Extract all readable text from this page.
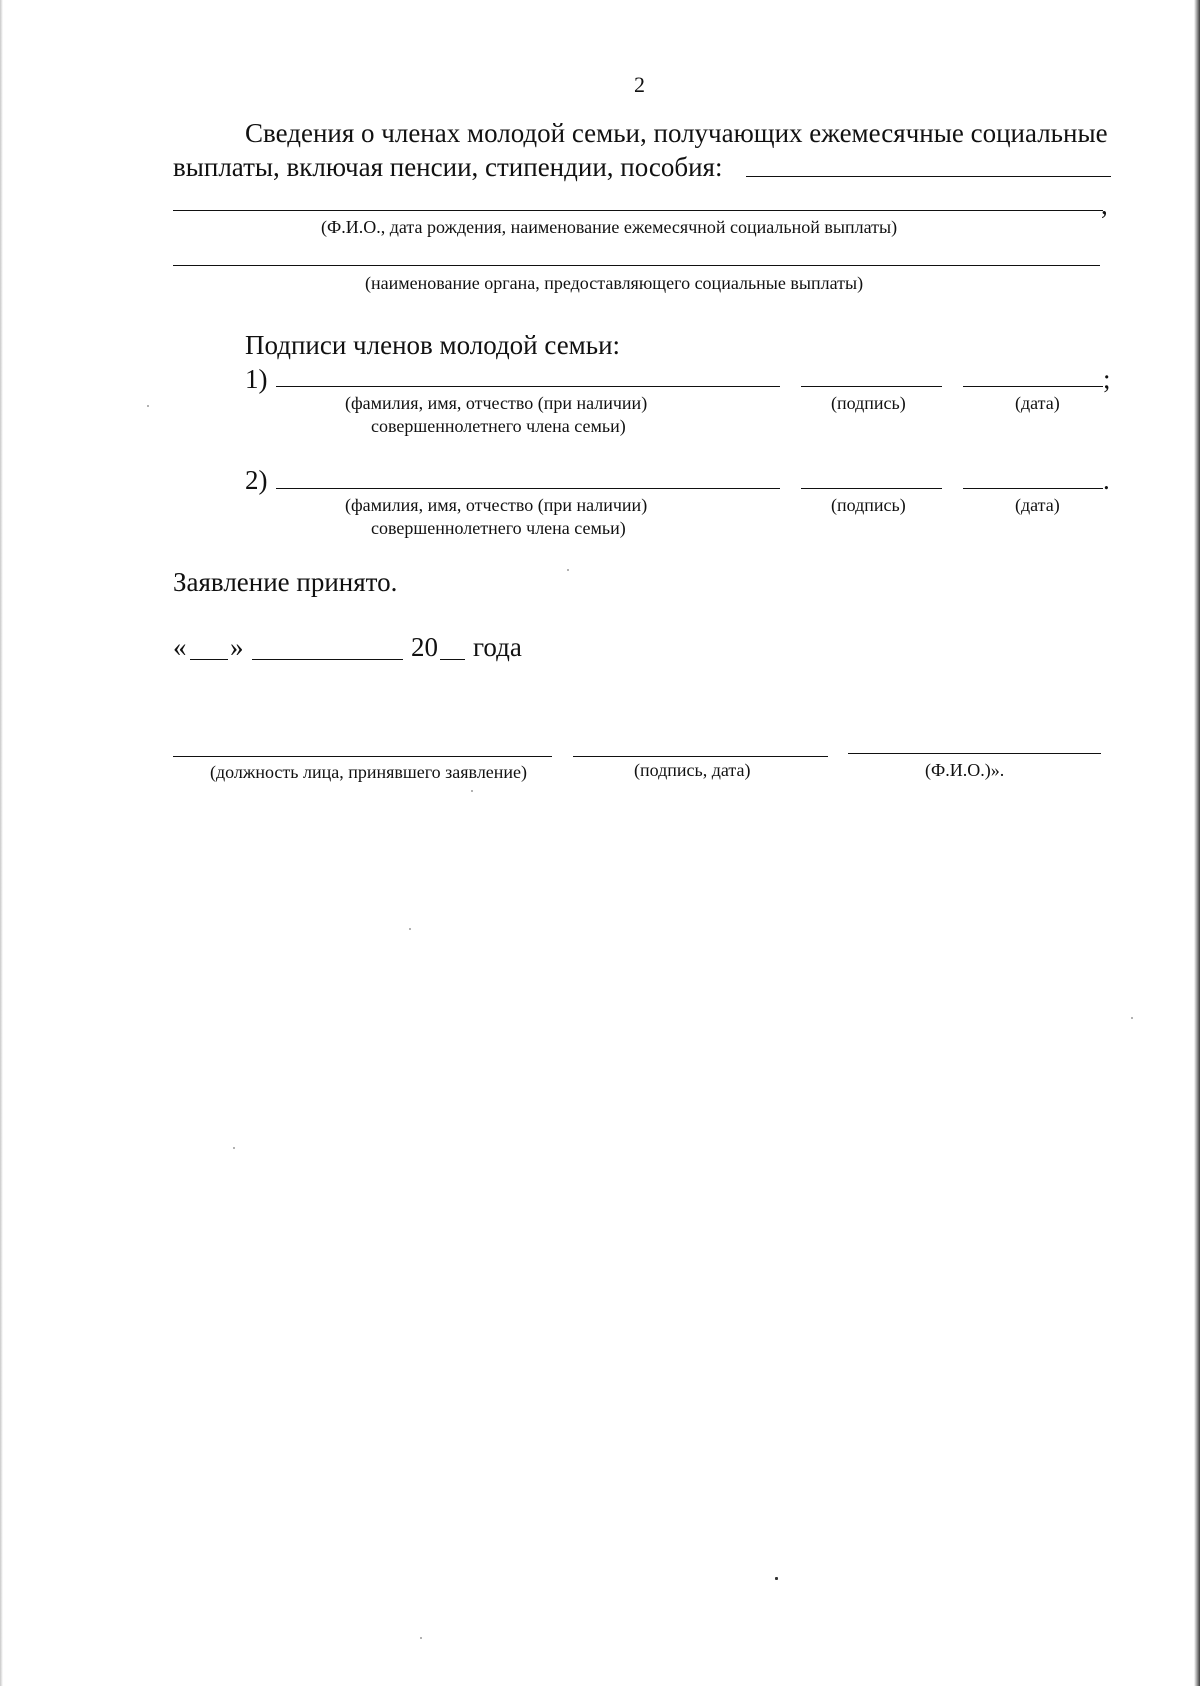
2
Сведения о членах молодой семьи, получающих ежемесячные социальные
выплаты, включая пенсии, стипендии, пособия:
,
(Ф.И.О., дата рождения, наименование ежемесячной социальной выплаты)
(наименование органа, предоставляющего социальные выплаты)
Подписи членов молодой семьи:
1)	;
(фамилия, имя, отчество (при наличии)
совершеннолетнего члена семьи)
(подпись)	(дата)
2)	.
(фамилия, имя, отчество (при наличии)
совершеннолетнего члена семьи)
(подпись)	(дата)
Заявление принято.
« »	20 года
(должность лица, принявшего заявление)	(подпись, дата)	(Ф.И.О.)».
